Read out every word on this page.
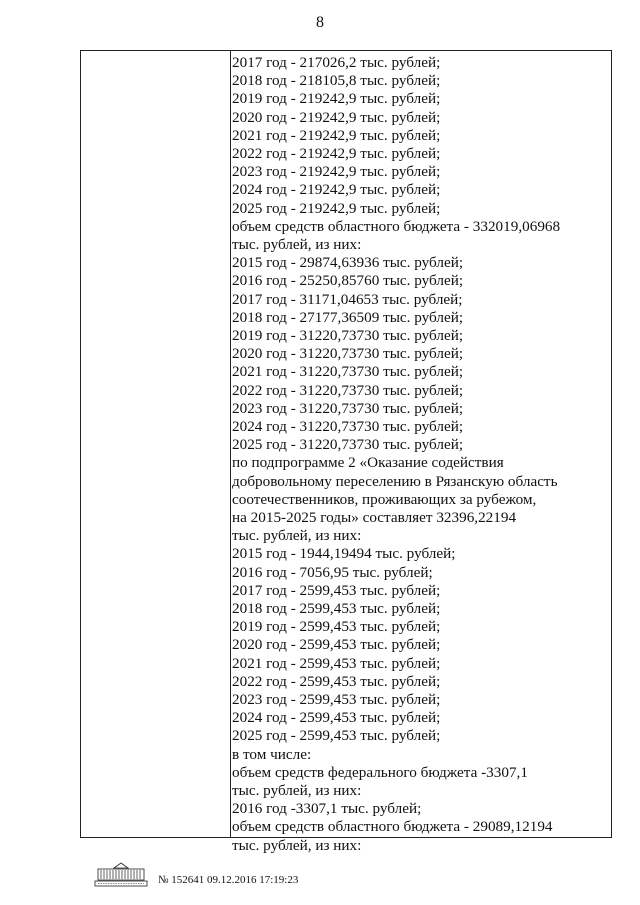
8
2017 год - 217026,2 тыс. рублей;
2018 год - 218105,8 тыс. рублей;
2019 год - 219242,9 тыс. рублей;
2020 год - 219242,9 тыс. рублей;
2021 год - 219242,9 тыс. рублей;
2022 год - 219242,9 тыс. рублей;
2023 год - 219242,9 тыс. рублей;
2024 год - 219242,9 тыс. рублей;
2025 год - 219242,9 тыс. рублей;
объем средств областного бюджета - 332019,06968
тыс. рублей, из них:
2015 год - 29874,63936 тыс. рублей;
2016 год - 25250,85760 тыс. рублей;
2017 год - 31171,04653 тыс. рублей;
2018 год - 27177,36509 тыс. рублей;
2019 год - 31220,73730 тыс. рублей;
2020 год - 31220,73730 тыс. рублей;
2021 год - 31220,73730 тыс. рублей;
2022 год - 31220,73730 тыс. рублей;
2023 год - 31220,73730 тыс. рублей;
2024 год - 31220,73730 тыс. рублей;
2025 год - 31220,73730 тыс. рублей;
по подпрограмме 2 «Оказание содействия
добровольному переселению в Рязанскую область
соотечественников, проживающих за рубежом,
на 2015-2025 годы» составляет 32396,22194
тыс. рублей, из них:
2015 год - 1944,19494 тыс. рублей;
2016 год - 7056,95 тыс. рублей;
2017 год - 2599,453 тыс. рублей;
2018 год - 2599,453 тыс. рублей;
2019 год - 2599,453 тыс. рублей;
2020 год - 2599,453 тыс. рублей;
2021 год - 2599,453 тыс. рублей;
2022 год - 2599,453 тыс. рублей;
2023 год - 2599,453 тыс. рублей;
2024 год - 2599,453 тыс. рублей;
2025 год - 2599,453 тыс. рублей;
в том числе:
объем средств федерального бюджета -3307,1
тыс. рублей, из них:
2016 год -3307,1 тыс. рублей;
объем средств областного бюджета - 29089,12194
тыс. рублей, из них:
№ 152641 09.12.2016 17:19:23
